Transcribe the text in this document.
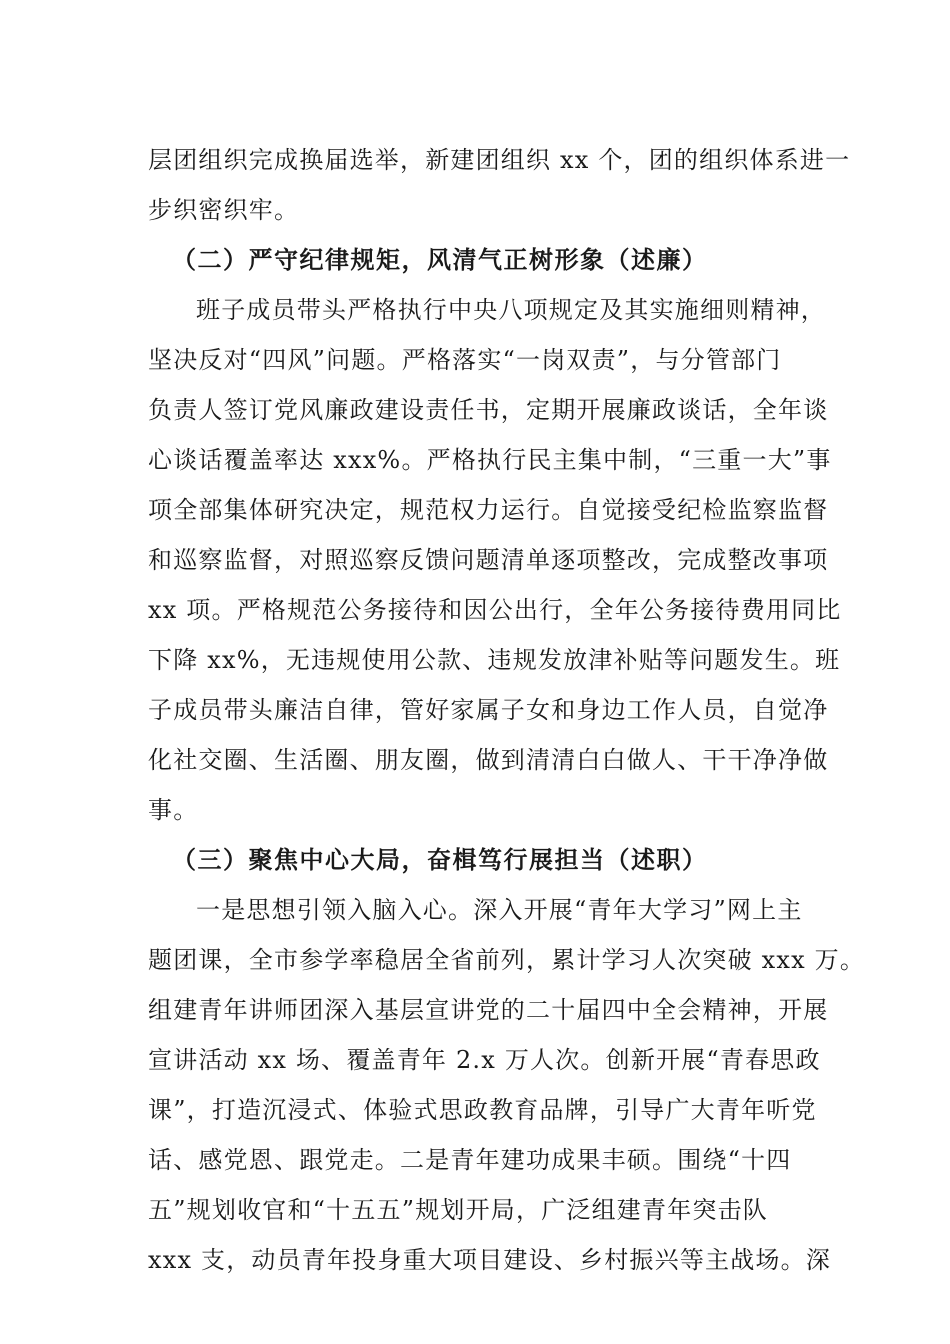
层团组织完成换届选举，新建团组织 xx 个，团的组织体系进一
步织密织牢。
（二）严守纪律规矩，风清气正树形象（述廉）
班子成员带头严格执行中央八项规定及其实施细则精神，
坚决反对“四风”问题。严格落实“一岗双责”，与分管部门
负责人签订党风廉政建设责任书，定期开展廉政谈话，全年谈
心谈话覆盖率达 xxx%。严格执行民主集中制，“三重一大”事
项全部集体研究决定，规范权力运行。自觉接受纪检监察监督
和巡察监督，对照巡察反馈问题清单逐项整改，完成整改事项
xx 项。严格规范公务接待和因公出行，全年公务接待费用同比
下降 xx%，无违规使用公款、违规发放津补贴等问题发生。班
子成员带头廉洁自律，管好家属子女和身边工作人员，自觉净
化社交圈、生活圈、朋友圈，做到清清白白做人、干干净净做
事。
（三）聚焦中心大局，奋楫笃行展担当（述职）
一是思想引领入脑入心。深入开展“青年大学习”网上主
题团课，全市参学率稳居全省前列，累计学习人次突破 xxx 万。
组建青年讲师团深入基层宣讲党的二十届四中全会精神，开展
宣讲活动 xx 场、覆盖青年 2.x 万人次。创新开展“青春思政
课”，打造沉浸式、体验式思政教育品牌，引导广大青年听党
话、感党恩、跟党走。二是青年建功成果丰硕。围绕“十四
五”规划收官和“十五五”规划开局，广泛组建青年突击队
xxx 支，动员青年投身重大项目建设、乡村振兴等主战场。深
